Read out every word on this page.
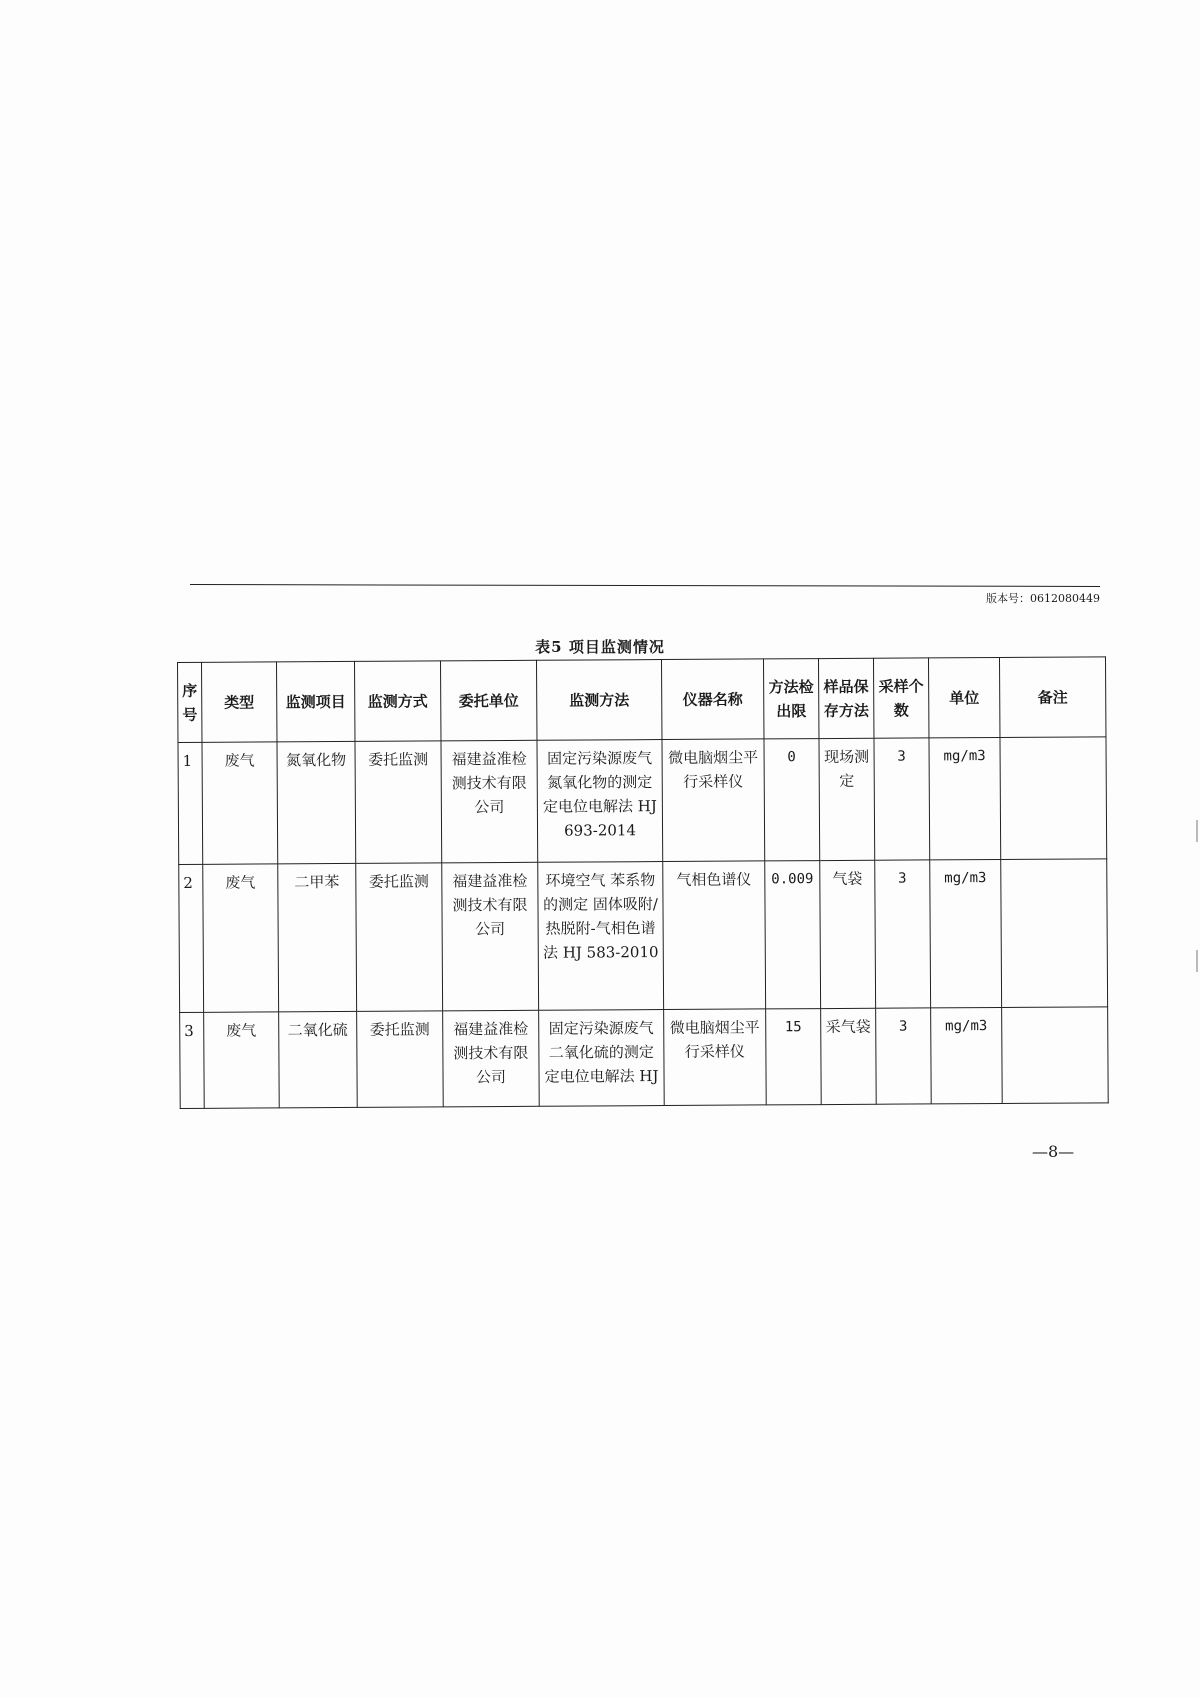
版本号：0612080449
表5 项目监测情况
序号	类型	监测项目	监测方式	委托单位	监测方法	仪器名称	方法检出限	样品保存方法	采样个数	单位	备注
1	废气	氮氧化物	委托监测	福建益准检测技术有限公司	固定污染源废气 氮氧化物的测定 定电位电解法 HJ 693-2014	微电脑烟尘平行采样仪	0	现场测定	3	mg/m3	
2	废气	二甲苯	委托监测	福建益准检测技术有限公司	环境空气 苯系物的测定 固体吸附/热脱附-气相色谱法 HJ 583-2010	气相色谱仪	0.009	气袋	3	mg/m3	
3	废气	二氧化硫	委托监测	福建益准检测技术有限公司	固定污染源废气 二氧化硫的测定 定电位电解法 HJ	微电脑烟尘平行采样仪	15	采气袋	3	mg/m3	
—8—
